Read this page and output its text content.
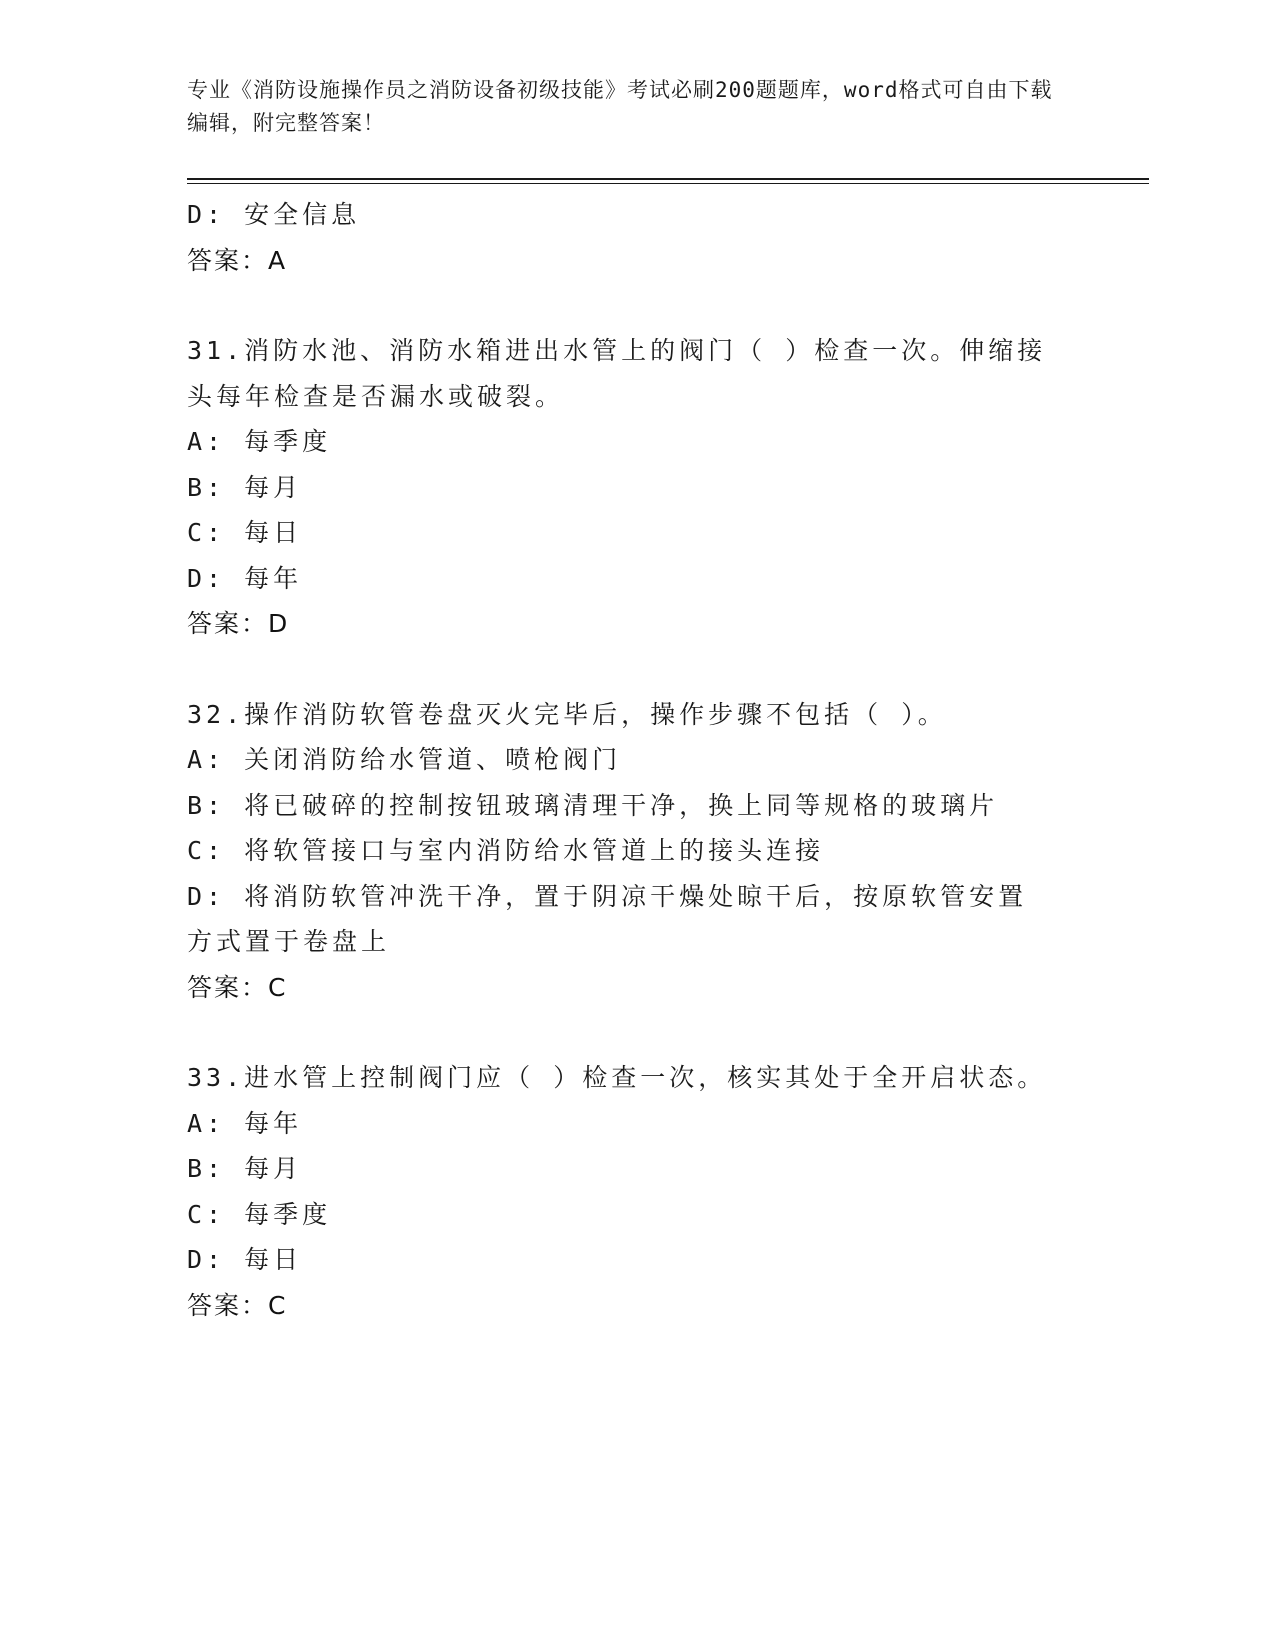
专业《消防设施操作员之消防设备初级技能》考试必刷200题题库，word格式可自由下载编辑，附完整答案！
D: 安全信息
答案：A
31.消防水池、消防水箱进出水管上的阀门（ ）检查一次。伸缩接头每年检查是否漏水或破裂。
A: 每季度
B: 每月
C: 每日
D: 每年
答案：D
32.操作消防软管卷盘灭火完毕后，操作步骤不包括（ ）。
A: 关闭消防给水管道、喷枪阀门
B: 将已破碎的控制按钮玻璃清理干净，换上同等规格的玻璃片
C: 将软管接口与室内消防给水管道上的接头连接
D: 将消防软管冲洗干净，置于阴凉干燥处晾干后，按原软管安置方式置于卷盘上
答案：C
33.进水管上控制阀门应（ ）检查一次，核实其处于全开启状态。
A: 每年
B: 每月
C: 每季度
D: 每日
答案：C
